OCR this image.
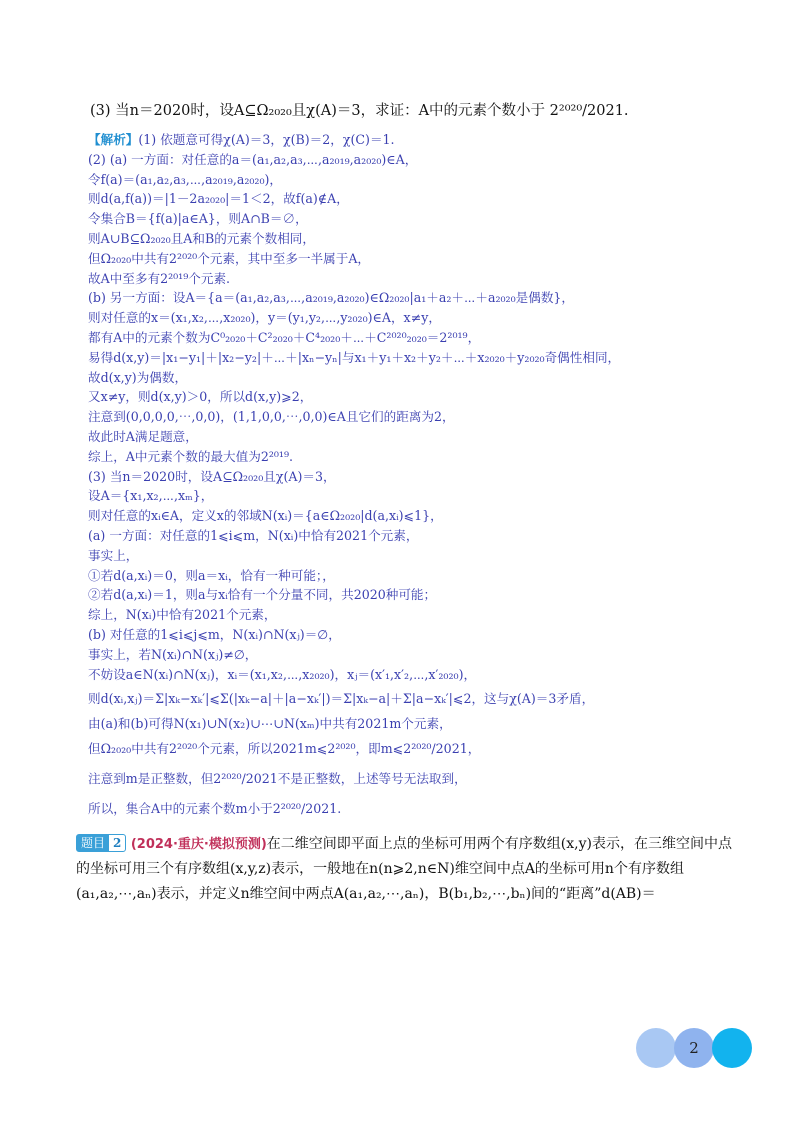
(3) 当n＝2020时，设A⊆Ω₂₀₂₀且χ(A)＝3，求证：A中的元素个数小于 2²⁰²⁰/2021.
【解析】(1) 依题意可得χ(A)＝3，χ(B)＝2，χ(C)＝1.
(2) (a) 一方面：对任意的a＝(a₁,a₂,a₃,⋯,a₂₀₁₉,a₂₀₂₀)∈A，
令f(a)＝(a₁,a₂,a₃,⋯,a₂₀₁₉,a₂₀₂₀)，
则d(a,f(a))＝|1－2a₂₀₂₀|＝1＜2，故f(a)∉A，
令集合B＝{f(a)|a∈A}，则A∩B＝∅，
则A∪B⊆Ω₂₀₂₀且A和B的元素个数相同，
但Ω₂₀₂₀中共有2²⁰²⁰个元素，其中至多一半属于A，
故A中至多有2²⁰¹⁹个元素.
(b) 另一方面：设A＝{a＝(a₁,a₂,a₃,⋯,a₂₀₁₉,a₂₀₂₀)∈Ω₂₀₂₀|a₁＋a₂＋⋯＋a₂₀₂₀是偶数}，
则对任意的x＝(x₁,x₂,⋯,x₂₀₂₀)，y＝(y₁,y₂,⋯,y₂₀₂₀)∈A，x≠y，
都有A中的元素个数为C⁰₂₀₂₀＋C²₂₀₂₀＋C⁴₂₀₂₀＋⋯＋C²⁰²⁰₂₀₂₀＝2²⁰¹⁹，
易得d(x,y)＝|x₁−y₁|＋|x₂−y₂|＋⋯＋|xₙ−yₙ|与x₁＋y₁＋x₂＋y₂＋⋯＋x₂₀₂₀＋y₂₀₂₀奇偶性相同，
故d(x,y)为偶数，
又x≠y，则d(x,y)＞0，所以d(x,y)⩾2，
注意到(0,0,0,0,⋯,0,0)，(1,1,0,0,⋯,0,0)∈A且它们的距离为2，
故此时A满足题意，
综上，A中元素个数的最大值为2²⁰¹⁹.
(3) 当n＝2020时，设A⊆Ω₂₀₂₀且χ(A)＝3，
设A＝{x₁,x₂,⋯,xₘ}，
则对任意的xᵢ∈A，定义x的邻域N(xᵢ)＝{a∈Ω₂₀₂₀|d(a,xᵢ)⩽1}，
(a) 一方面：对任意的1⩽i⩽m，N(xᵢ)中恰有2021个元素，
事实上，
①若d(a,xᵢ)＝0，则a＝xᵢ，恰有一种可能；，
②若d(a,xᵢ)＝1，则a与xᵢ恰有一个分量不同，共2020种可能；
综上，N(xᵢ)中恰有2021个元素，
(b) 对任意的1⩽i⩽j⩽m，N(xᵢ)∩N(xⱼ)＝∅，
事实上，若N(xᵢ)∩N(xⱼ)≠∅，
不妨设a∈N(xᵢ)∩N(xⱼ)，xᵢ＝(x₁,x₂,⋯,x₂₀₂₀)，xⱼ＝(x′₁,x′₂,⋯,x′₂₀₂₀)，
则d(xᵢ,xⱼ)＝Σ|xₖ−xₖ′|⩽Σ(|xₖ−a|＋|a−xₖ′|)＝Σ|xₖ−a|＋Σ|a−xₖ′|⩽2，这与χ(A)＝3矛盾，
由(a)和(b)可得N(x₁)∪N(x₂)∪⋯∪N(xₘ)中共有2021m个元素，
但Ω₂₀₂₀中共有2²⁰²⁰个元素，所以2021m⩽2²⁰²⁰，即m⩽2²⁰²⁰/2021，
注意到m是正整数，但2²⁰²⁰/2021不是正整数，上述等号无法取到，
所以，集合A中的元素个数m小于2²⁰²⁰/2021.
题目 2 (2024·重庆·模拟预测)在二维空间即平面上点的坐标可用两个有序数组(x,y)表示，在三维空间中点的坐标可用三个有序数组(x,y,z)表示，一般地在n(n⩾2,n∈N)维空间中点A的坐标可用n个有序数组(a₁,a₂,⋯,aₙ)表示，并定义n维空间中两点A(a₁,a₂,⋯,aₙ)，B(b₁,b₂,⋯,bₙ)间的“距离”d(AB)＝
2
